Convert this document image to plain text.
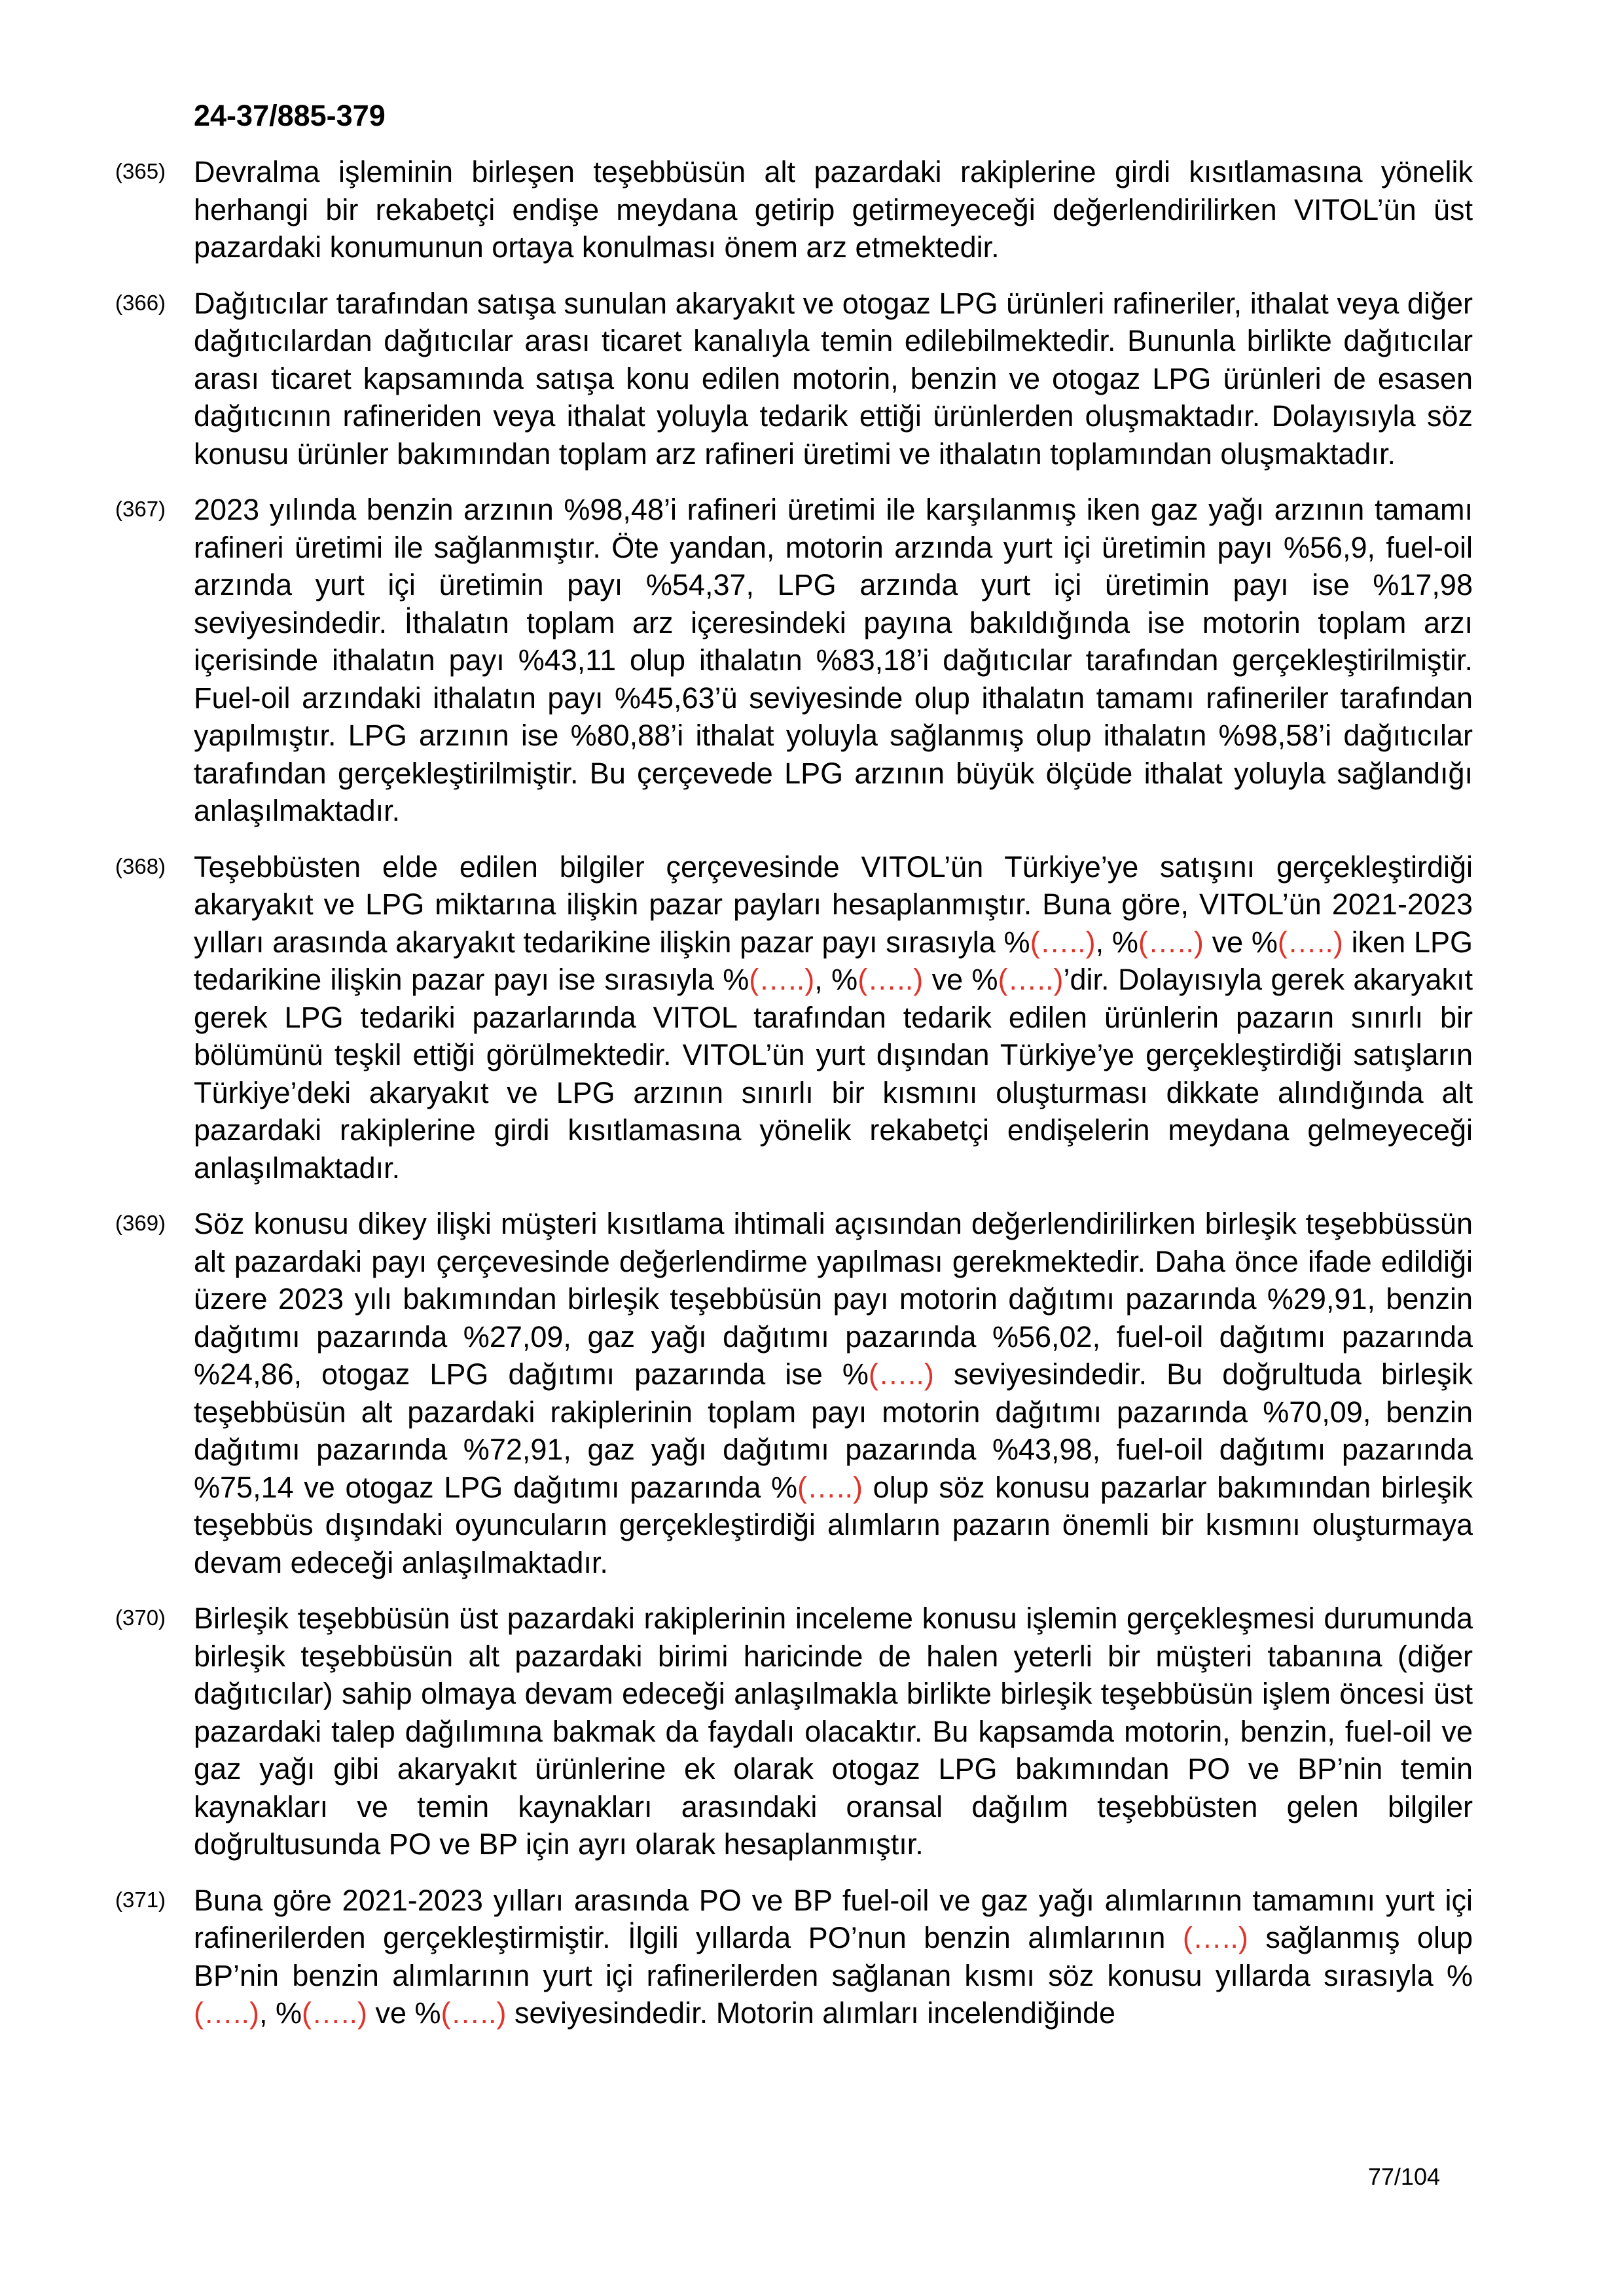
24-37/885-379
(365) Devralma işleminin birleşen teşebbüsün alt pazardaki rakiplerine girdi kısıtlamasına yönelik herhangi bir rekabetçi endişe meydana getirip getirmeyeceği değerlendirilirken VITOL’ün üst pazardaki konumunun ortaya konulması önem arz etmektedir.
(366) Dağıtıcılar tarafından satışa sunulan akaryakıt ve otogaz LPG ürünleri rafineriler, ithalat veya diğer dağıtıcılardan dağıtıcılar arası ticaret kanalıyla temin edilebilmektedir. Bununla birlikte dağıtıcılar arası ticaret kapsamında satışa konu edilen motorin, benzin ve otogaz LPG ürünleri de esasen dağıtıcının rafineriden veya ithalat yoluyla tedarik ettiği ürünlerden oluşmaktadır. Dolayısıyla söz konusu ürünler bakımından toplam arz rafineri üretimi ve ithalatın toplamından oluşmaktadır.
(367) 2023 yılında benzin arzının %98,48’i rafineri üretimi ile karşılanmış iken gaz yağı arzının tamamı rafineri üretimi ile sağlanmıştır. Öte yandan, motorin arzında yurt içi üretimin payı %56,9, fuel-oil arzında yurt içi üretimin payı %54,37, LPG arzında yurt içi üretimin payı ise %17,98 seviyesindedir. İthalatın toplam arz içeresindeki payına bakıldığında ise motorin toplam arzı içerisinde ithalatın payı %43,11 olup ithalatın %83,18’i dağıtıcılar tarafından gerçekleştirilmiştir. Fuel-oil arzındaki ithalatın payı %45,63’ü seviyesinde olup ithalatın tamamı rafineriler tarafından yapılmıştır. LPG arzının ise %80,88’i ithalat yoluyla sağlanmış olup ithalatın %98,58’i dağıtıcılar tarafından gerçekleştirilmiştir. Bu çerçevede LPG arzının büyük ölçüde ithalat yoluyla sağlandığı anlaşılmaktadır.
(368) Teşebbüsten elde edilen bilgiler çerçevesinde VITOL’ün Türkiye’ye satışını gerçekleştirdiği akaryakıt ve LPG miktarına ilişkin pazar payları hesaplanmıştır. Buna göre, VITOL’ün 2021-2023 yılları arasında akaryakıt tedarikine ilişkin pazar payı sırasıyla %(…..), %(…..) ve %(…..) iken LPG tedarikine ilişkin pazar payı ise sırasıyla %(…..), %(…..) ve %(…..)’dir. Dolayısıyla gerek akaryakıt gerek LPG tedariki pazarlarında VITOL tarafından tedarik edilen ürünlerin pazarın sınırlı bir bölümünü teşkil ettiği görülmektedir. VITOL’ün yurt dışından Türkiye’ye gerçekleştirdiği satışların Türkiye’deki akaryakıt ve LPG arzının sınırlı bir kısmını oluşturması dikkate alındığında alt pazardaki rakiplerine girdi kısıtlamasına yönelik rekabetçi endişelerin meydana gelmeyeceği anlaşılmaktadır.
(369) Söz konusu dikey ilişki müşteri kısıtlama ihtimali açısından değerlendirilirken birleşik teşebbüssün alt pazardaki payı çerçevesinde değerlendirme yapılması gerekmektedir. Daha önce ifade edildiği üzere 2023 yılı bakımından birleşik teşebbüsün payı motorin dağıtımı pazarında %29,91, benzin dağıtımı pazarında %27,09, gaz yağı dağıtımı pazarında %56,02, fuel-oil dağıtımı pazarında %24,86, otogaz LPG dağıtımı pazarında ise %(…..) seviyesindedir. Bu doğrultuda birleşik teşebbüsün alt pazardaki rakiplerinin toplam payı motorin dağıtımı pazarında %70,09, benzin dağıtımı pazarında %72,91, gaz yağı dağıtımı pazarında %43,98, fuel-oil dağıtımı pazarında %75,14 ve otogaz LPG dağıtımı pazarında %(…..) olup söz konusu pazarlar bakımından birleşik teşebbüs dışındaki oyuncuların gerçekleştirdiği alımların pazarın önemli bir kısmını oluşturmaya devam edeceği anlaşılmaktadır.
(370) Birleşik teşebbüsün üst pazardaki rakiplerinin inceleme konusu işlemin gerçekleşmesi durumunda birleşik teşebbüsün alt pazardaki birimi haricinde de halen yeterli bir müşteri tabanına (diğer dağıtıcılar) sahip olmaya devam edeceği anlaşılmakla birlikte birleşik teşebbüsün işlem öncesi üst pazardaki talep dağılımına bakmak da faydalı olacaktır. Bu kapsamda motorin, benzin, fuel-oil ve gaz yağı gibi akaryakıt ürünlerine ek olarak otogaz LPG bakımından PO ve BP’nin temin kaynakları ve temin kaynakları arasındaki oransal dağılım teşebbüsten gelen bilgiler doğrultusunda PO ve BP için ayrı olarak hesaplanmıştır.
(371) Buna göre 2021-2023 yılları arasında PO ve BP fuel-oil ve gaz yağı alımlarının tamamını yurt içi rafinerilerden gerçekleştirmiştir. İlgili yıllarda PO’nun benzin alımlarının (…..) sağlanmış olup BP’nin benzin alımlarının yurt içi rafinerilerden sağlanan kısmı söz konusu yıllarda sırasıyla %(…..), %(…..) ve %(…..) seviyesindedir. Motorin alımları incelendiğinde
77/104
